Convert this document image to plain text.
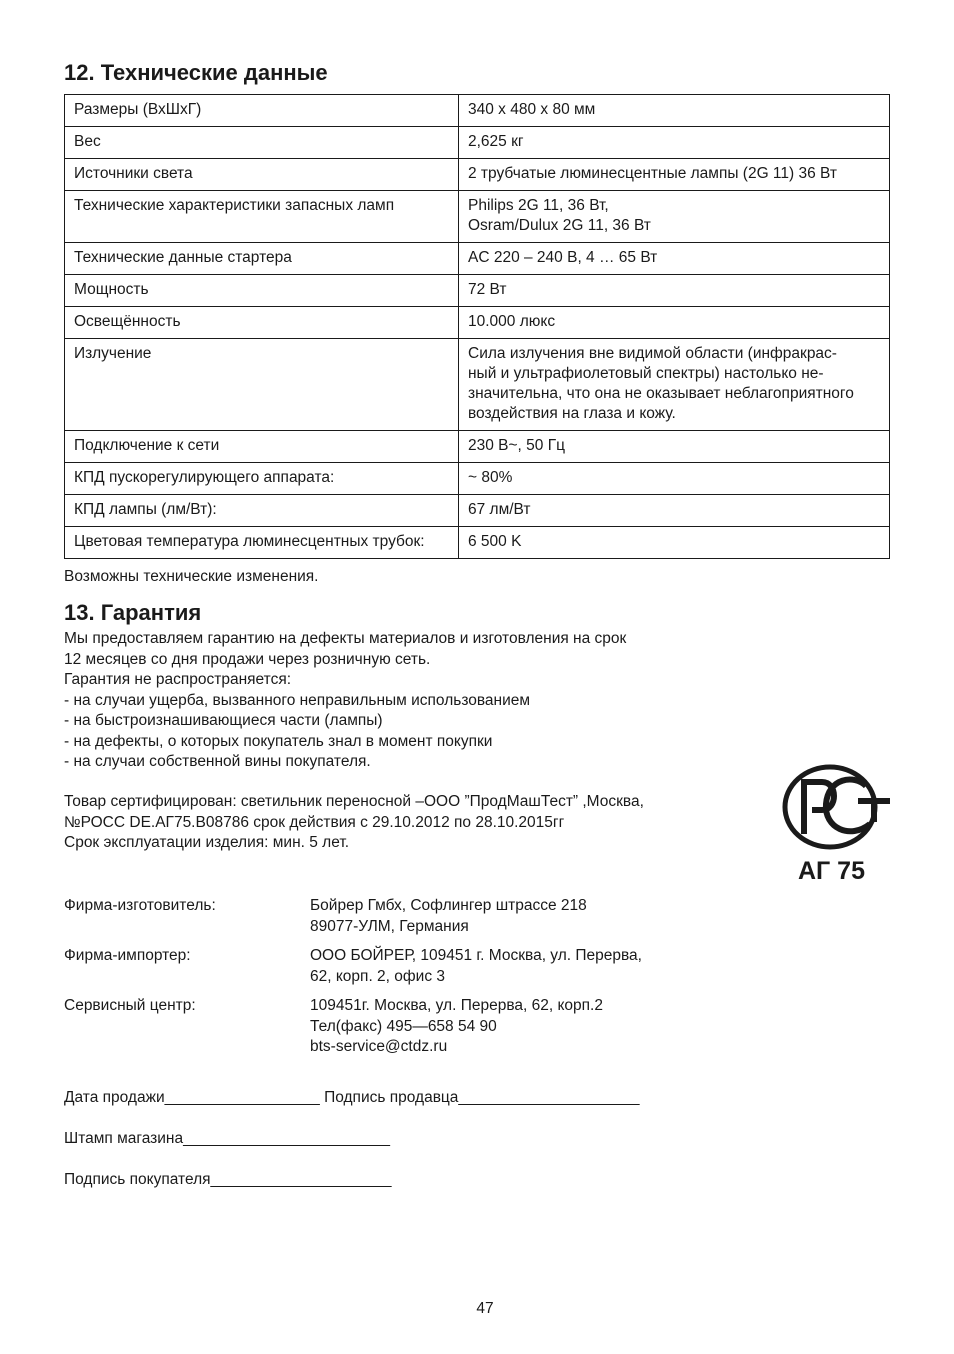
12. Технические данные
Размеры (ВхШхГ)	340 x 480 x 80 мм
Вес	2,625 кг
Источники света	2 трубчатые люминесцентные лампы (2G 11) 36 Вт
Технические характеристики запасных ламп	Philips 2G 11, 36 Вт,
Osram/Dulux 2G 11, 36 Вт
Технические данные стартера	AC 220 – 240 В, 4 … 65 Вт
Мощность	72 Вт
Освещённость	10.000 люкс
Излучение	Сила излучения вне видимой области (инфракрас-
ный и ультрафиолетовый спектры) настолько не-
значительна, что она не оказывает неблагоприятного
воздействия на глаза и кожу.
Подключение к сети	230 В~, 50 Гц
КПД пускорегулирующего аппарата:	~ 80%
КПД лампы (лм/Вт):	67 лм/Вт
Цветовая температура люминесцентных трубок:	6 500 K

Возможны технические изменения.

13. Гарантия

Мы предоставляем гарантию на дефекты материалов и изготовления на срок
12 месяцев со дня продажи через розничную сеть.
Гарантия не распространяется:
- на случаи ущерба, вызванного неправильным использованием
- на быстроизнашивающиеся части (лампы)
- на дефекты, о которых покупатель знал в момент покупки
- на случаи собственной вины покупателя.

Товар сертифицирован: светильник переносной –ООО ”ПродМашТест” ,Москва,
№РОСС DE.АГ75.В08786 срок действия с 29.10.2012 по 28.10.2015гг
Срок эксплуатации изделия: мин. 5 лет.
АГ 75
Фирма-изготовитель:	Бойрер Гмбх, Софлингер штрассе 218
89077-УЛМ, Германия
Фирма-импортер:	ООО БОЙРЕР, 109451 г. Москва, ул. Перерва,
62, корп. 2, офис 3
Сервисный центр:	109451г. Москва, ул. Перерва, 62, корп.2
Тел(факс) 495—658 54 90
bts-service@ctdz.ru
Дата продажи__________________ Подпись продавца_____________________
Штамп магазина________________________
Подпись покупателя_____________________
47
